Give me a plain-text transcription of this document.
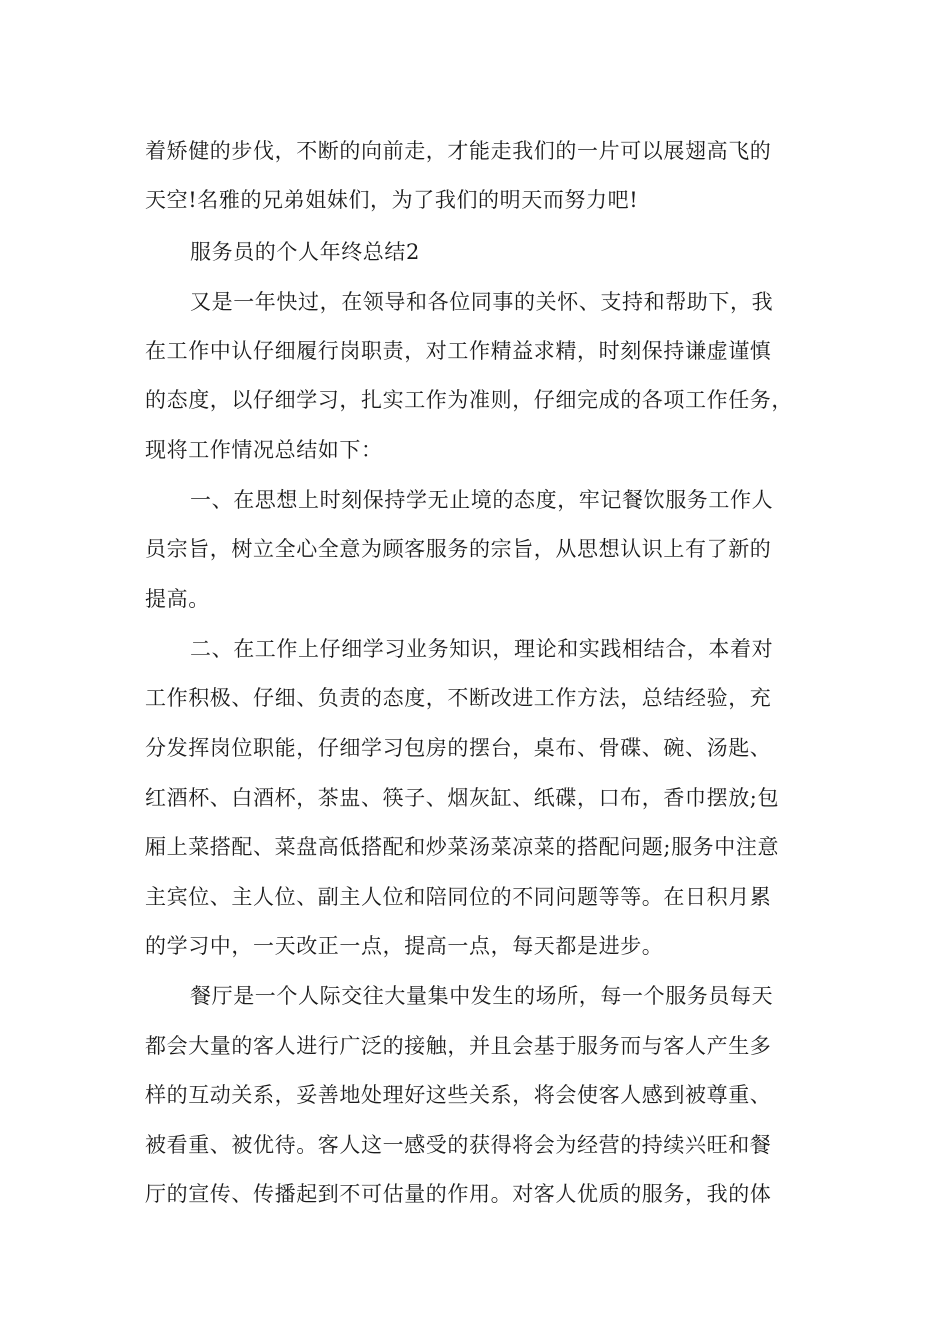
着矫健的步伐，不断的向前走，才能走我们的一片可以展翅高飞的
天空!名雅的兄弟姐妹们，为了我们的明天而努力吧!
服务员的个人年终总结2
又是一年快过，在领导和各位同事的关怀、支持和帮助下，我
在工作中认仔细履行岗职责，对工作精益求精，时刻保持谦虚谨慎
的态度，以仔细学习，扎实工作为准则，仔细完成的各项工作任务，
现将工作情况总结如下：
一、在思想上时刻保持学无止境的态度，牢记餐饮服务工作人
员宗旨，树立全心全意为顾客服务的宗旨，从思想认识上有了新的
提高。
二、在工作上仔细学习业务知识，理论和实践相结合，本着对
工作积极、仔细、负责的态度，不断改进工作方法，总结经验，充
分发挥岗位职能，仔细学习包房的摆台，桌布、骨碟、碗、汤匙、
红酒杯、白酒杯，茶盅、筷子、烟灰缸、纸碟，口布，香巾摆放;包
厢上菜搭配、菜盘高低搭配和炒菜汤菜凉菜的搭配问题;服务中注意
主宾位、主人位、副主人位和陪同位的不同问题等等。在日积月累
的学习中，一天改正一点，提高一点，每天都是进步。
餐厅是一个人际交往大量集中发生的场所，每一个服务员每天
都会大量的客人进行广泛的接触，并且会基于服务而与客人产生多
样的互动关系，妥善地处理好这些关系，将会使客人感到被尊重、
被看重、被优待。客人这一感受的获得将会为经营的持续兴旺和餐
厅的宣传、传播起到不可估量的作用。对客人优质的服务，我的体
